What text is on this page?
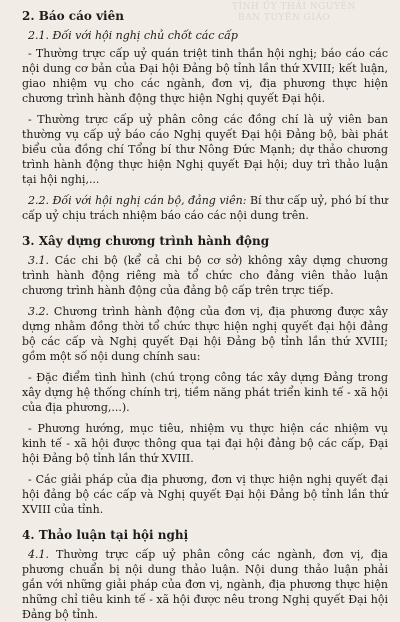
TỈNH ỦY THÁI NGUYÊN
BAN TUYÊN GIÁO
2. Báo cáo viên
2.1. Đối với hội nghị chủ chốt các cấp

- Thường trực cấp uỷ quán triệt tinh thần hội nghị; báo cáo các nội dung cơ bản của Đại hội Đảng bộ tỉnh lần thứ XVIII; kết luận, giao nhiệm vụ cho các ngành, đơn vị, địa phương thực hiện chương trình hành động thực hiện Nghị quyết Đại hội.

- Thường trực cấp uỷ phân công các đồng chí là uỷ viên ban thường vụ cấp uỷ báo cáo Nghị quyết Đại hội Đảng bộ, bài phát biểu của đồng chí Tổng bí thư Nông Đức Mạnh; dự thảo chương trình hành động thực hiện Nghị quyết Đại hội; duy trì thảo luận tại hội nghị,...

2.2. Đối với hội nghị cán bộ, đảng viên: Bí thư cấp uỷ, phó bí thư cấp uỷ chịu trách nhiệm báo cáo các nội dung trên.

3. Xây dựng chương trình hành động

3.1. Các chi bộ (kể cả chi bộ cơ sở) không xây dựng chương trình hành động riêng mà tổ chức cho đảng viên thảo luận chương trình hành động của đảng bộ cấp trên trực tiếp.

3.2. Chương trình hành động của đơn vị, địa phương được xây dựng nhằm đồng thời tổ chức thực hiện nghị quyết đại hội đảng bộ các cấp và Nghị quyết Đại hội Đảng bộ tỉnh lần thứ XVIII; gồm một số nội dung chính sau:

- Đặc điểm tình hình (chú trọng công tác xây dựng Đảng trong xây dựng hệ thống chính trị, tiềm năng phát triển kinh tế - xã hội của địa phương,...).

- Phương hướng, mục tiêu, nhiệm vụ thực hiện các nhiệm vụ kinh tế - xã hội được thông qua tại đại hội đảng bộ các cấp, Đại hội Đảng bộ tỉnh lần thứ XVIII.

- Các giải pháp của địa phương, đơn vị thực hiện nghị quyết đại hội đảng bộ các cấp và Nghị quyết Đại hội Đảng bộ tỉnh lần thứ XVIII của tỉnh.

4. Thảo luận tại hội nghị

4.1. Thường trực cấp uỷ phân công các ngành, đơn vị, địa phương chuẩn bị nội dung thảo luận. Nội dung thảo luận phải gắn với những giải pháp của đơn vị, ngành, địa phương thực hiện những chỉ tiêu kinh tế - xã hội được nêu trong Nghị quyết Đại hội Đảng bộ tỉnh.
